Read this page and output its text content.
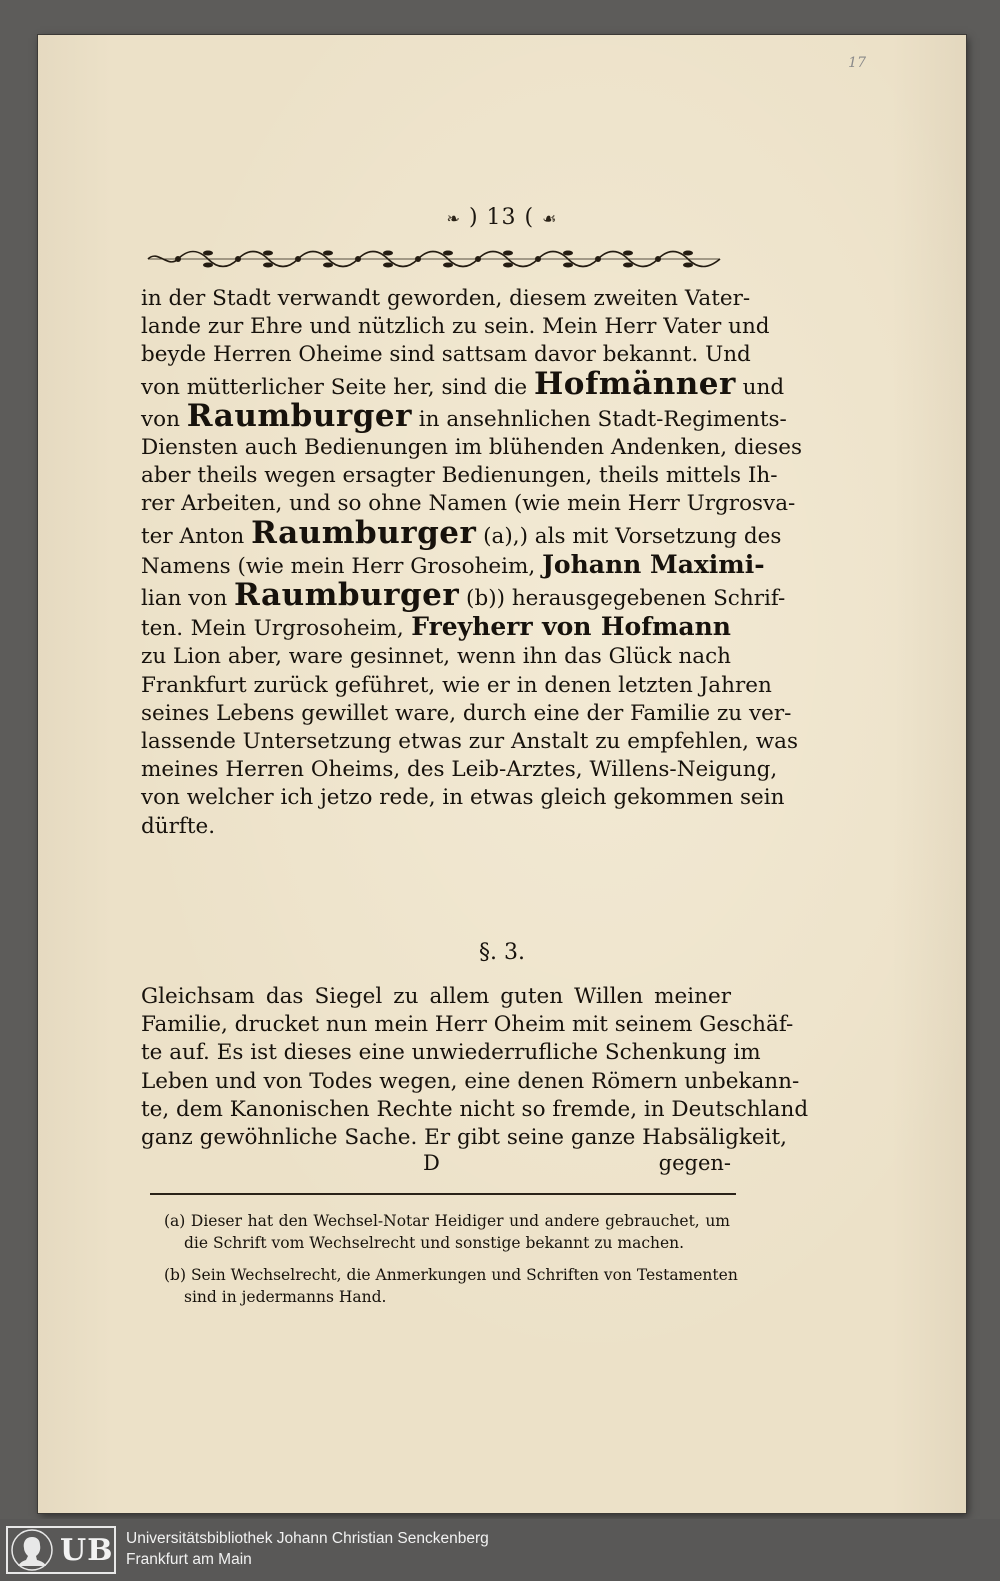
17
❧ ) 13 ( ☙
in der Stadt verwandt geworden, diesem zweiten Vater-
lande zur Ehre und nützlich zu sein. Mein Herr Vater und
beyde Herren Oheime sind sattsam davor bekannt. Und
von mütterlicher Seite her, sind die Hofmänner und
von Raumburger in ansehnlichen Stadt-Regiments-
Diensten auch Bedienungen im blühenden Andenken, dieses
aber theils wegen ersagter Bedienungen, theils mittels Ih-
rer Arbeiten, und so ohne Namen (wie mein Herr Urgrosva-
ter Anton Raumburger (a),) als mit Vorsetzung des
Namens (wie mein Herr Grosoheim, Johann Maximi-
lian von Raumburger (b)) herausgegebenen Schrif-
ten. Mein Urgrosoheim, Freyherr von Hofmann
zu Lion aber, ware gesinnet, wenn ihn das Glück nach
Frankfurt zurück geführet, wie er in denen letzten Jahren
seines Lebens gewillet ware, durch eine der Familie zu ver-
lassende Untersetzung etwas zur Anstalt zu empfehlen, was
meines Herren Oheims, des Leib-Arztes, Willens-Neigung,
von welcher ich jetzo rede, in etwas gleich gekommen sein
dürfte.
§. 3.
Gleichsam das Siegel zu allem guten Willen meiner
Familie, drucket nun mein Herr Oheim mit seinem Geschäf-
te auf. Es ist dieses eine unwiederrufliche Schenkung im
Leben und von Todes wegen, eine denen Römern unbekann-
te, dem Kanonischen Rechte nicht so fremde, in Deutschland
ganz gewöhnliche Sache. Er gibt seine ganze Habsäligkeit,
D	gegen-
(a) Dieser hat den Wechsel-Notar Heidiger und andere gebrauchet, um
die Schrift vom Wechselrecht und sonstige bekannt zu machen.
(b) Sein Wechselrecht, die Anmerkungen und Schriften von Testamenten
sind in jedermanns Hand.
UB Universitätsbibliothek Johann Christian Senckenberg
Frankfurt am Main
